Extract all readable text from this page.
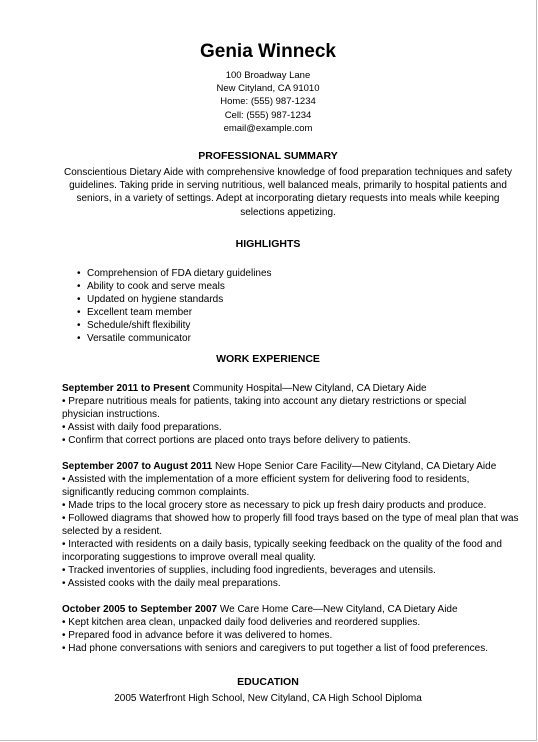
Genia Winneck
100 Broadway Lane
New Cityland, CA 91010
Home: (555) 987-1234
Cell: (555) 987-1234
email@example.com
PROFESSIONAL SUMMARY
Conscientious Dietary Aide with comprehensive knowledge of food preparation techniques and safety guidelines. Taking pride in serving nutritious, well balanced meals, primarily to hospital patients and seniors, in a variety of settings. Adept at incorporating dietary requests into meals while keeping selections appetizing.
HIGHLIGHTS
• Comprehension of FDA dietary guidelines
• Ability to cook and serve meals
• Updated on hygiene standards
• Excellent team member
• Schedule/shift flexibility
• Versatile communicator
WORK EXPERIENCE
September 2011 to Present Community Hospital—New Cityland, CA Dietary Aide
• Prepare nutritious meals for patients, taking into account any dietary restrictions or special physician instructions.
• Assist with daily food preparations.
• Confirm that correct portions are placed onto trays before delivery to patients.
September 2007 to August 2011 New Hope Senior Care Facility—New Cityland, CA Dietary Aide
• Assisted with the implementation of a more efficient system for delivering food to residents, significantly reducing common complaints.
• Made trips to the local grocery store as necessary to pick up fresh dairy products and produce.
• Followed diagrams that showed how to properly fill food trays based on the type of meal plan that was selected by a resident.
• Interacted with residents on a daily basis, typically seeking feedback on the quality of the food and incorporating suggestions to improve overall meal quality.
• Tracked inventories of supplies, including food ingredients, beverages and utensils.
• Assisted cooks with the daily meal preparations.
October 2005 to September 2007 We Care Home Care—New Cityland, CA Dietary Aide
• Kept kitchen area clean, unpacked daily food deliveries and reordered supplies.
• Prepared food in advance before it was delivered to homes.
• Had phone conversations with seniors and caregivers to put together a list of food preferences.
EDUCATION
2005 Waterfront High School, New Cityland, CA High School Diploma
